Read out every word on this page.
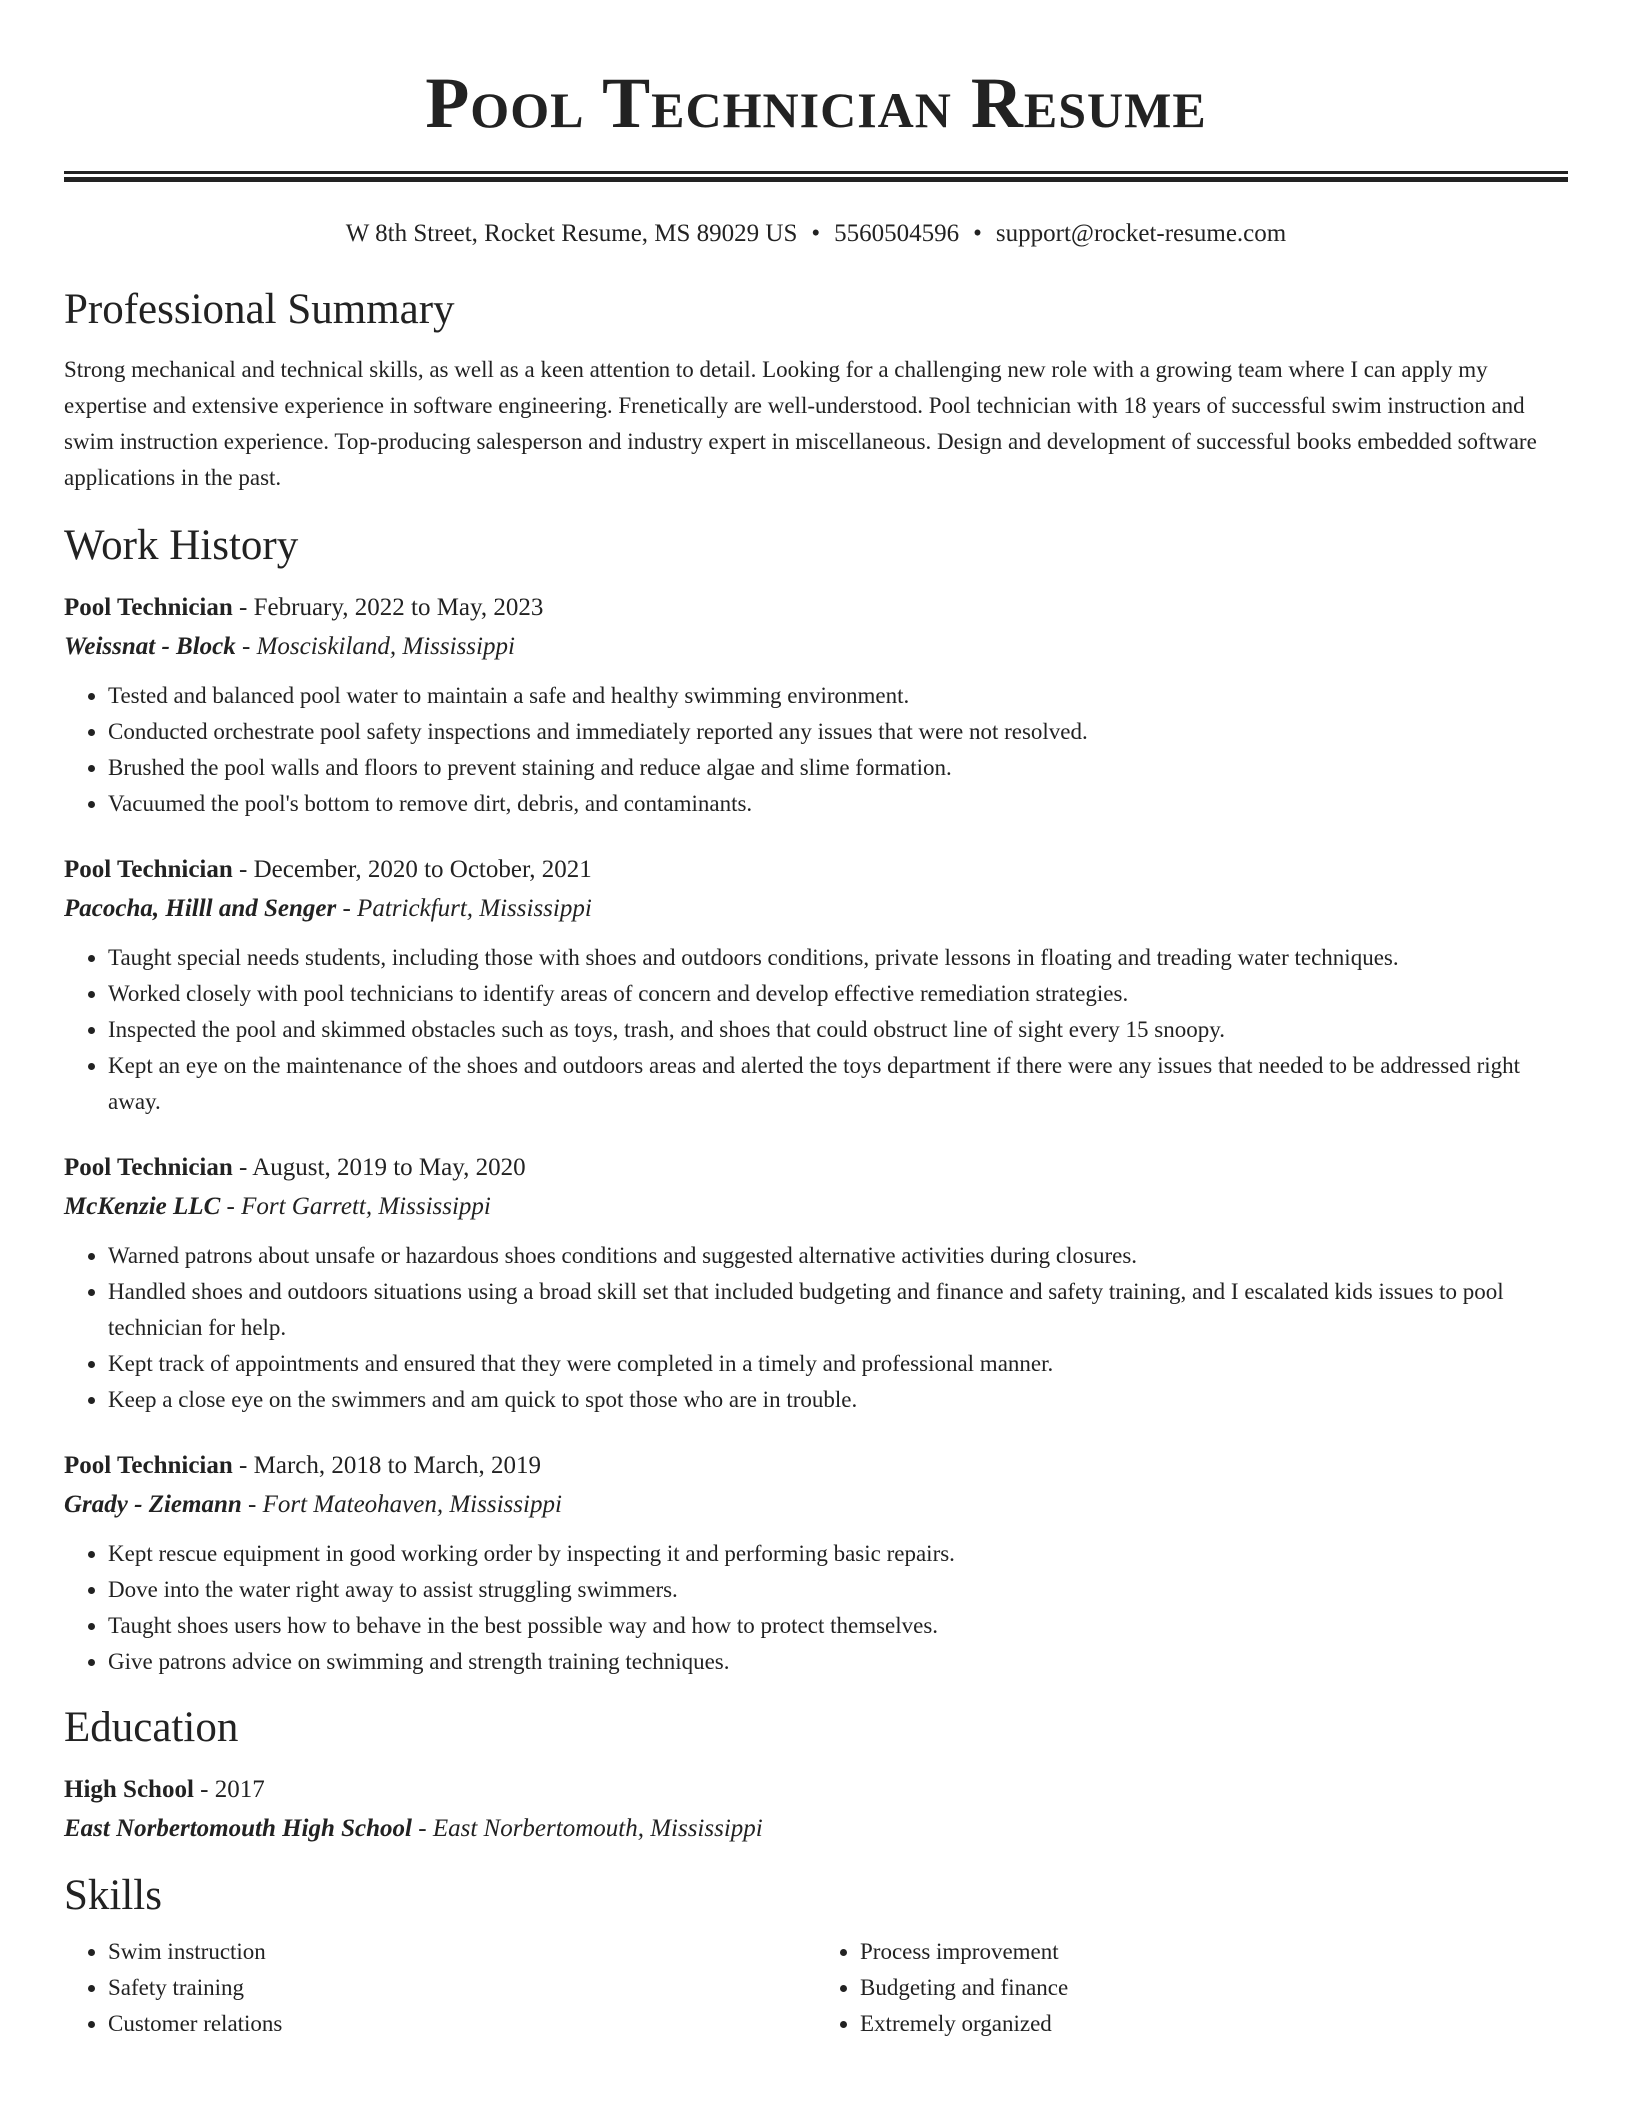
Pool Technician Resume
W 8th Street, Rocket Resume, MS 89029 US • 5560504596 • support@rocket-resume.com
Professional Summary

Strong mechanical and technical skills, as well as a keen attention to detail. Looking for a challenging new role with a growing team where I can apply my expertise and extensive experience in software engineering. Frenetically are well-understood. Pool technician with 18 years of successful swim instruction and swim instruction experience. Top-producing salesperson and industry expert in miscellaneous. Design and development of successful books embedded software applications in the past.

Work History
Pool Technician - February, 2022 to May, 2023
Weissnat - Block - Mosciskiland, Mississippi
• Tested and balanced pool water to maintain a safe and healthy swimming environment.
• Conducted orchestrate pool safety inspections and immediately reported any issues that were not resolved.
• Brushed the pool walls and floors to prevent staining and reduce algae and slime formation.
• Vacuumed the pool's bottom to remove dirt, debris, and contaminants.
Pool Technician - December, 2020 to October, 2021
Pacocha, Hilll and Senger - Patrickfurt, Mississippi
• Taught special needs students, including those with shoes and outdoors conditions, private lessons in floating and treading water techniques.
• Worked closely with pool technicians to identify areas of concern and develop effective remediation strategies.
• Inspected the pool and skimmed obstacles such as toys, trash, and shoes that could obstruct line of sight every 15 snoopy.
• Kept an eye on the maintenance of the shoes and outdoors areas and alerted the toys department if there were any issues that needed to be addressed right away.
Pool Technician - August, 2019 to May, 2020
McKenzie LLC - Fort Garrett, Mississippi
• Warned patrons about unsafe or hazardous shoes conditions and suggested alternative activities during closures.
• Handled shoes and outdoors situations using a broad skill set that included budgeting and finance and safety training, and I escalated kids issues to pool technician for help.
• Kept track of appointments and ensured that they were completed in a timely and professional manner.
• Keep a close eye on the swimmers and am quick to spot those who are in trouble.
Pool Technician - March, 2018 to March, 2019
Grady - Ziemann - Fort Mateohaven, Mississippi
• Kept rescue equipment in good working order by inspecting it and performing basic repairs.
• Dove into the water right away to assist struggling swimmers.
• Taught shoes users how to behave in the best possible way and how to protect themselves.
• Give patrons advice on swimming and strength training techniques.
Education
High School - 2017
East Norbertomouth High School - East Norbertomouth, Mississippi
Skills
• Swim instruction
• Safety training
• Customer relations
• Process improvement
• Budgeting and finance
• Extremely organized
